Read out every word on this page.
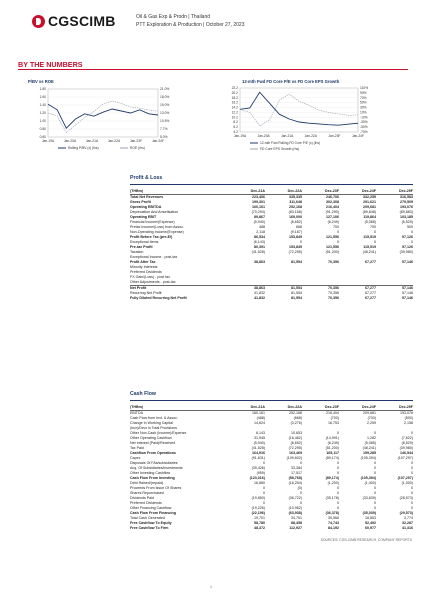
CGSCIMB	Oil & Gas Exp & Prodn | Thailand
PTT Exploration & Production | October 27, 2023
BY THE NUMBERS
P/BV vs ROE
1.80
1.60
1.40
1.20
1.00
0.80
0.60
21.0%
18.0%
15.0%
13.0%
10.5%
7.7%
5.0%
Jan-19A	Jan-20A	Jan-21A	Jan-22A	Jan-23F	Jan-24F
Rolling P/BV (x) (lhs)	ROE (rhs)
12-mth Fwd FD Core P/E vs FD Core EPS Growth
22.2
20.2
18.2
16.2
14.2
12.2
10.2
8.2
6.2
4.2
110%
90%
70%
50%
30%
10%
-10%
-30%
-50%
-70%
Jan-19A	Jan-20A	Jan-21A	Jan-22A	Jan-23F	Jan-24F
12-mth Fwd Rolling FD Core P/E (x) (lhs)
FD Core EPS Growth (rhs)
Profit & Loss
(THBm)	Dec-21A	Dec-22A	Dec-23F	Dec-24F	Dec-25F
Total Net Revenues	223,406	335,335	246,706	332,259	316,583
Gross Profit	199,301	311,648	302,308	291,621	279,509
Operating EBITDA	160,161	252,168	216,404	209,681	193,076
Depreciation And Amortisation	(70,294)	(83,168)	(91,290)	(89,848)	(89,883)
Operating EBIT	89,867	169,000	127,106	119,864	103,185
Financial Income/(Expense)	(5,940)	(6,652)	(6,249)	(5,085)	(6,529)
Pretax Income/(Loss) from Assoc.	488	668	700	700	500
Non-Operating Income/(Expense)	2,118	(9,167)	0	0	0
Profit Before Tax (pre-EI)	86,534	153,849	121,556	115,519	97,126
Exceptional Items	(6,143)	0	0	0	0
Pre-tax Profit	80,391	153,849	121,556	115,519	97,126
Taxation	(41,528)	(72,295)	(51,200)	(48,241)	(39,980)
Exceptional Income - post-tax					
Profit After Tax	38,863	81,554	70,356	67,277	57,146
Minority Interests					
Preferred Dividends					
FX Gain/(Loss) - post tax					
Other Adjustments - post-tax					
Net Profit	38,863	81,554	70,356	67,277	57,146
Recurring Net Profit	41,832	81,554	70,356	67,277	57,146
Fully Diluted Recurring Net Profit	41,832	81,554	70,356	67,277	57,146
Cash Flow
(THBm)	Dec-21A	Dec-22A	Dec-23F	Dec-24F	Dec-25F
EBITDA	160,161	252,168	216,404	209,681	193,076
Cash Flow from Invt. & Assoc.	(488)	(668)	(700)	(700)	(500)
Change In Working Capital	14,624	(3,276)	16,753	2,259	2,158
(Incr)/Decr in Total Provisions					
Other Non-Cash (Income)/Expense	6,143	10,653	0	0	0
Other Operating Cashflow	31,945	(16,462)	(14,991)	1,282	(7,622)
Net Interest (Paid)/Received	(5,940)	(6,652)	(6,249)	(5,085)	(6,529)
Tax Paid	(41,528)	(72,295)	(51,200)	(48,241)	(39,980)
Cashflow From Operations	164,916	163,469	165,117	159,285	146,544
Capex	(91,631)	(109,602)	(89,174)	(105,394)	(107,297)
Disposals Of FAs/subsidiaries	0	0	0	0	0
Acq. Of Subsidiaries/investments	(39,426)	33,384	0	0	0
Other Investing Cashflow	(959)	17,517	0	0	0
Cash Flow From Investing	(123,016)	(58,768)	(89,174)	(105,394)	(107,297)
Debt Raised/(repaid)	16,880	(16,254)	(1,200)	(1,400)	(1,000)
Proceeds From Issue Of Shares	0	(0)	0	0	0
Shares Repurchased	0	0	0	0	0
Dividends Paid	(19,850)	(36,722)	(35,178)	(33,639)	(28,573)
Preferred Dividends	0	0	0	0	0
Other Financing Cashflow	(19,226)	(10,962)	0	0	0
Cash Flow From Financing	(22,196)	(63,938)	(36,378)	(35,039)	(29,573)
Total Cash Generated	19,701	34,751	39,566	18,853	3,774
Free Cashflow To Equity	58,780	88,458	74,743	52,492	32,287
Free Cashflow To Firm	48,372	112,927	84,192	60,977	41,316
SOURCES: CGS-CIMB RESEARCH, COMPANY REPORTS
1
